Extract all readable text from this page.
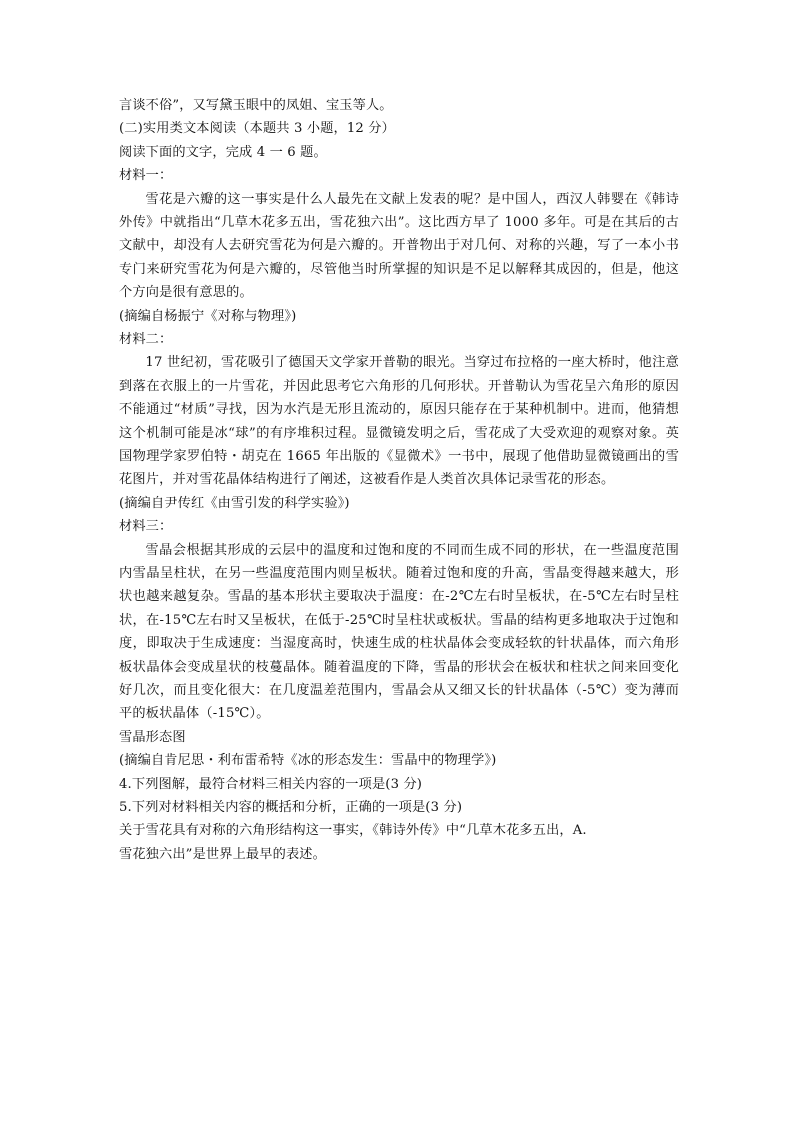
言谈不俗”，又写黛玉眼中的凤姐、宝玉等人。
(二)实用类文本阅读（本题共 3 小题，12 分）
阅读下面的文字，完成 4 一 6 题。
材料一：

雪花是六瓣的这一事实是什么人最先在文献上发表的呢？是中国人，西汉人韩婴在《韩诗外传》中就指出“几草木花多五出，雪花独六出”。这比西方早了 1000 多年。可是在其后的古文献中，却没有人去研究雪花为何是六瓣的。开普物出于对几何、对称的兴趣，写了一本小书专门来研究雪花为何是六瓣的，尽管他当时所掌握的知识是不足以解释其成因的，但是，他这个方向是很有意思的。

(摘编自杨振宁《对称与物理》)
材料二：

17 世纪初，雪花吸引了德国天文学家开普勒的眼光。当穿过布拉格的一座大桥时，他注意到落在衣服上的一片雪花，并因此思考它六角形的几何形状。开普勒认为雪花呈六角形的原因不能通过“材质”寻找，因为水汽是无形且流动的，原因只能存在于某种机制中。进而，他猜想这个机制可能是冰“球”的有序堆积过程。显微镜发明之后，雪花成了大受欢迎的观察对象。英国物理学家罗伯特・胡克在 1665 年出版的《显微术》一书中，展现了他借助显微镜画出的雪花图片，并对雪花晶体结构进行了阐述，这被看作是人类首次具体记录雪花的形态。

(摘编自尹传红《由雪引发的科学实验》)
材料三：

雪晶会根据其形成的云层中的温度和过饱和度的不同而生成不同的形状，在一些温度范围内雪晶呈柱状，在另一些温度范围内则呈板状。随着过饱和度的升高，雪晶变得越来越大，形状也越来越复杂。雪晶的基本形状主要取决于温度：在-2℃左右时呈板状，在-5℃左右时呈柱状，在-15℃左右时又呈板状，在低于-25℃时呈柱状或板状。雪晶的结构更多地取决于过饱和度，即取决于生成速度：当湿度高时，快速生成的柱状晶体会变成轻软的针状晶体，而六角形板状晶体会变成星状的枝蔓晶体。随着温度的下降，雪晶的形状会在板状和柱状之间来回变化好几次，而且变化很大：在几度温差范围内，雪晶会从又细又长的针状晶体（-5℃）变为薄而平的板状晶体（-15℃）。

雪晶形态图
(摘编自肯尼思・利布雷希特《冰的形态发生：雪晶中的物理学》)
4.下列图解，最符合材料三相关内容的一项是(3 分)
5.下列对材料相关内容的概括和分析，正确的一项是(3 分)
关于雪花具有对称的六角形结构这一事实，《韩诗外传》中“几草木花多五出，A.
雪花独六出”是世界上最早的表述。
